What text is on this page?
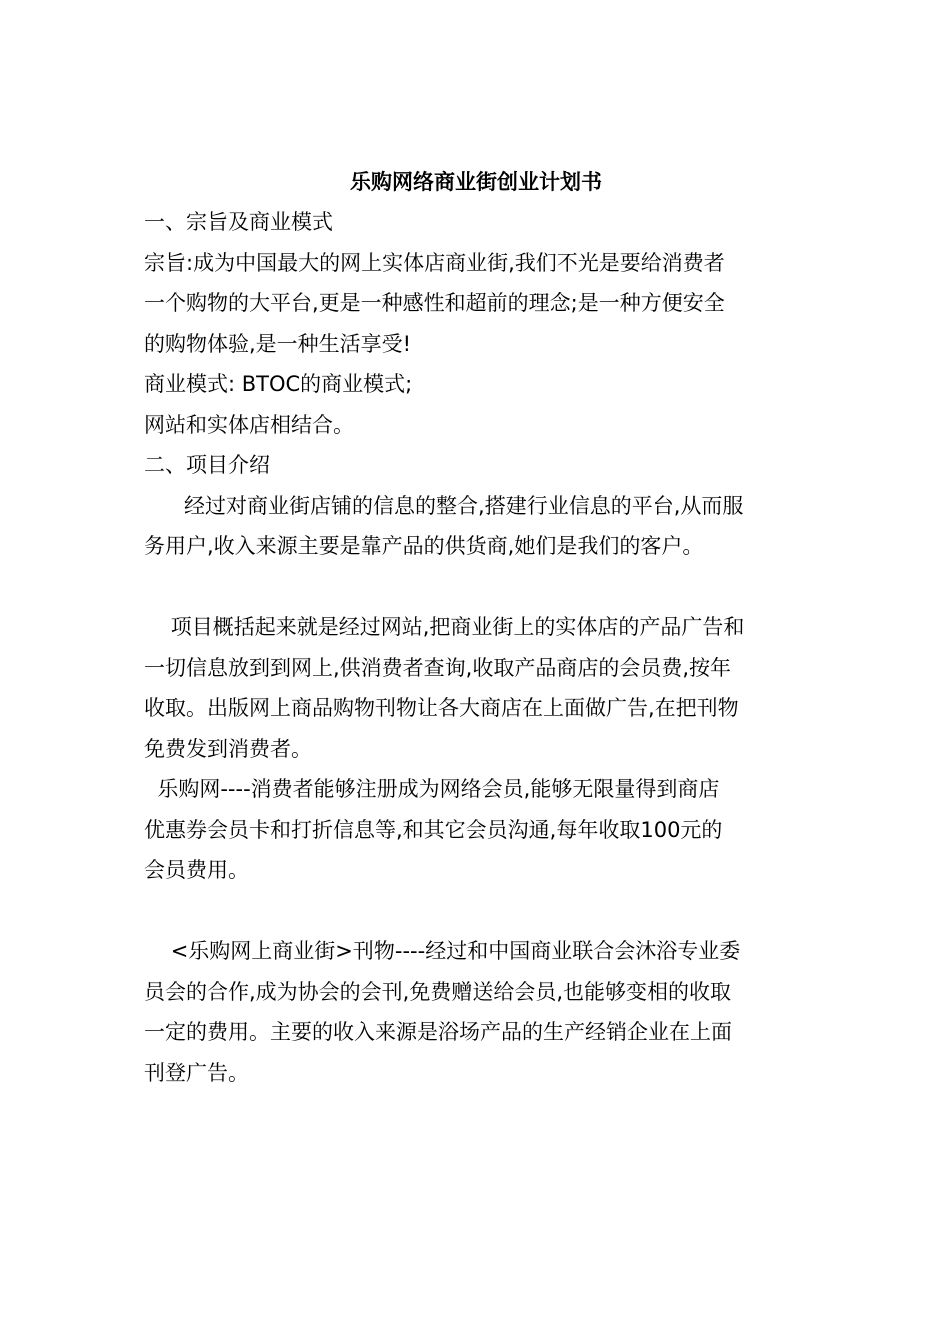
乐购网络商业街创业计划书

一、宗旨及商业模式

宗旨:成为中国最大的网上实体店商业街,我们不光是要给消费者

一个购物的大平台,更是一种感性和超前的理念;是一种方便安全

的购物体验,是一种生活享受!

商业模式: BTOC的商业模式;

网站和实体店相结合。

二、项目介绍

经过对商业街店铺的信息的整合,搭建行业信息的平台,从而服

务用户,收入来源主要是靠产品的供货商,她们是我们的客户。

项目概括起来就是经过网站,把商业街上的实体店的产品广告和

一切信息放到到网上,供消费者查询,收取产品商店的会员费,按年

收取。出版网上商品购物刊物让各大商店在上面做广告,在把刊物

免费发到消费者。

乐购网----消费者能够注册成为网络会员,能够无限量得到商店

优惠券会员卡和打折信息等,和其它会员沟通,每年收取100元的

会员费用。

<乐购网上商业街>刊物----经过和中国商业联合会沐浴专业委

员会的合作,成为协会的会刊,免费赠送给会员,也能够变相的收取

一定的费用。主要的收入来源是浴场产品的生产经销企业在上面

刊登广告。
